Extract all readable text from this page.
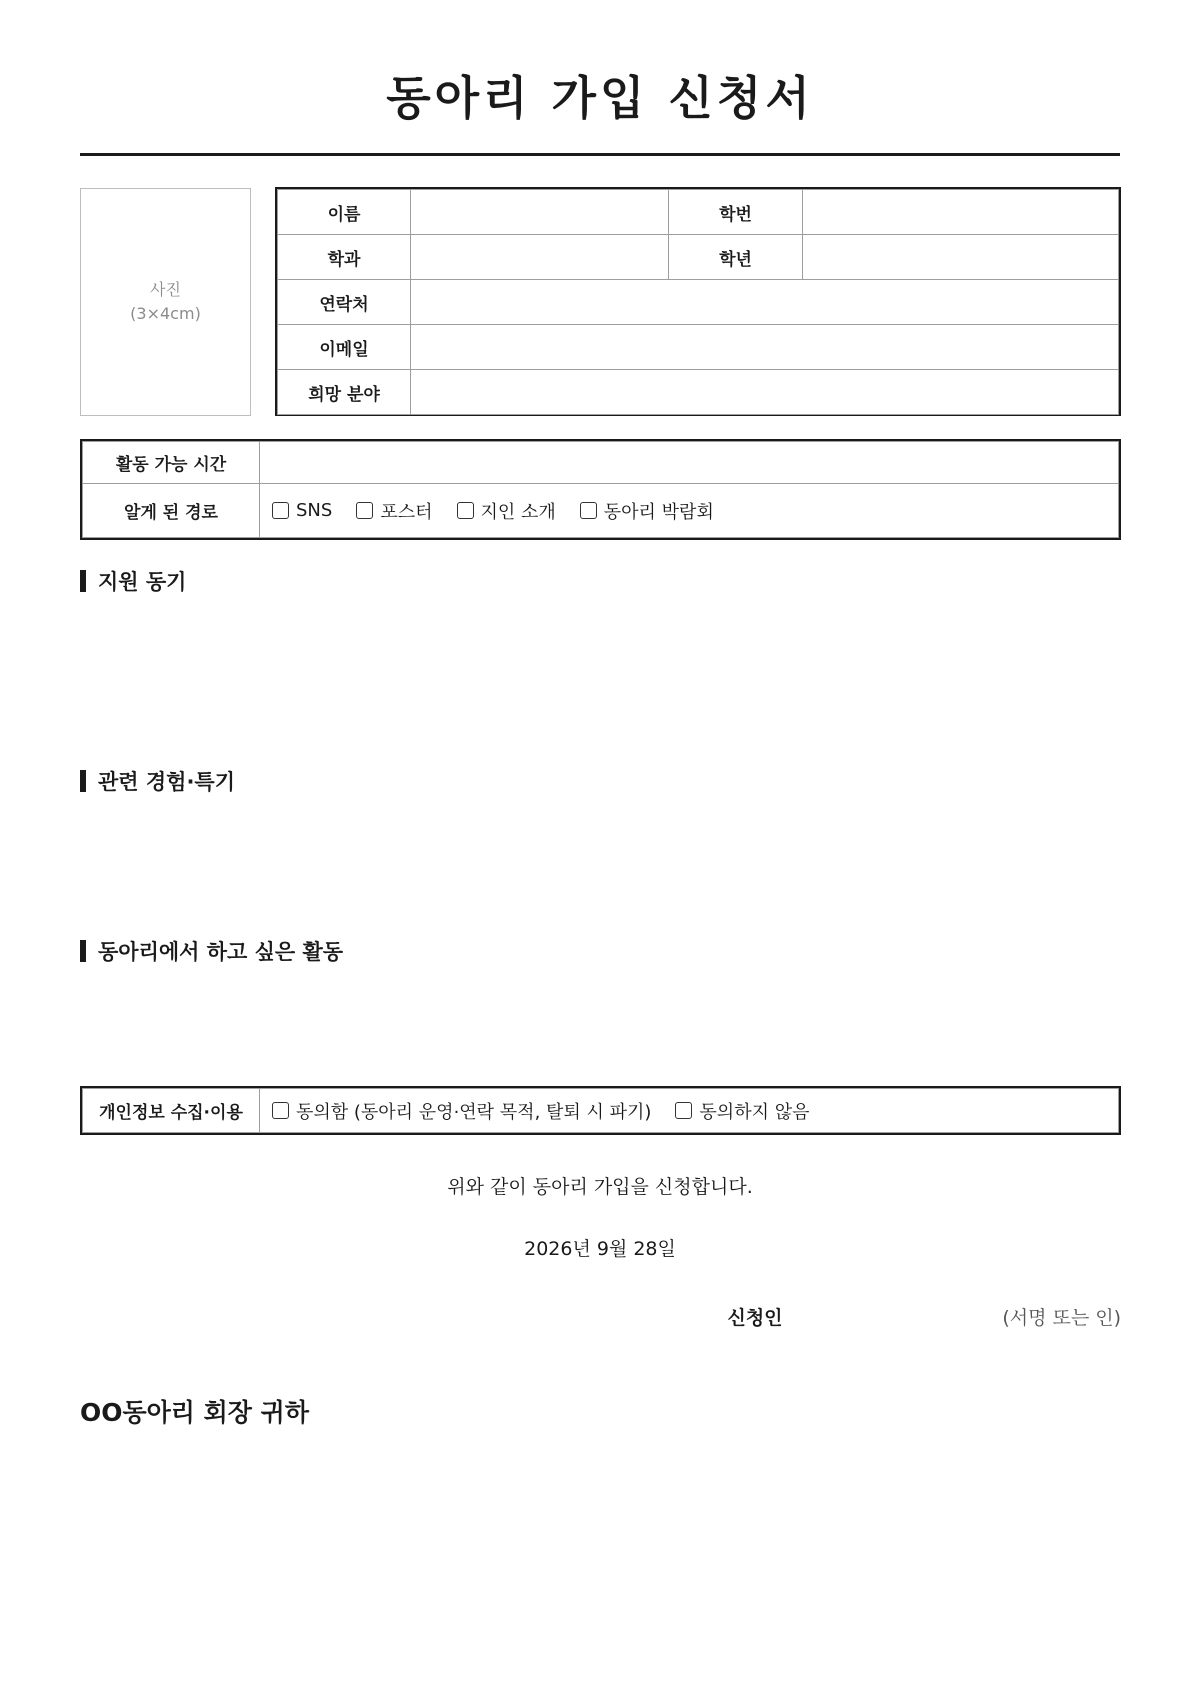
동아리 가입 신청서
사진
(3×4cm)
이름		학번	
학과		학년	
연락처			
이메일			
희망 분야			
활동 가능 시간	
알게 된 경로	SNS 포스터 지인 소개 동아리 박람회
지원 동기
관련 경험·특기
동아리에서 하고 싶은 활동
개인정보 수집·이용	동의함 (동아리 운영·연락 목적, 탈퇴 시 파기)	동의하지 않음
위와 같이 동아리 가입을 신청합니다.
2026년 9월 28일
신청인	(서명 또는 인)
OO동아리 회장 귀하
